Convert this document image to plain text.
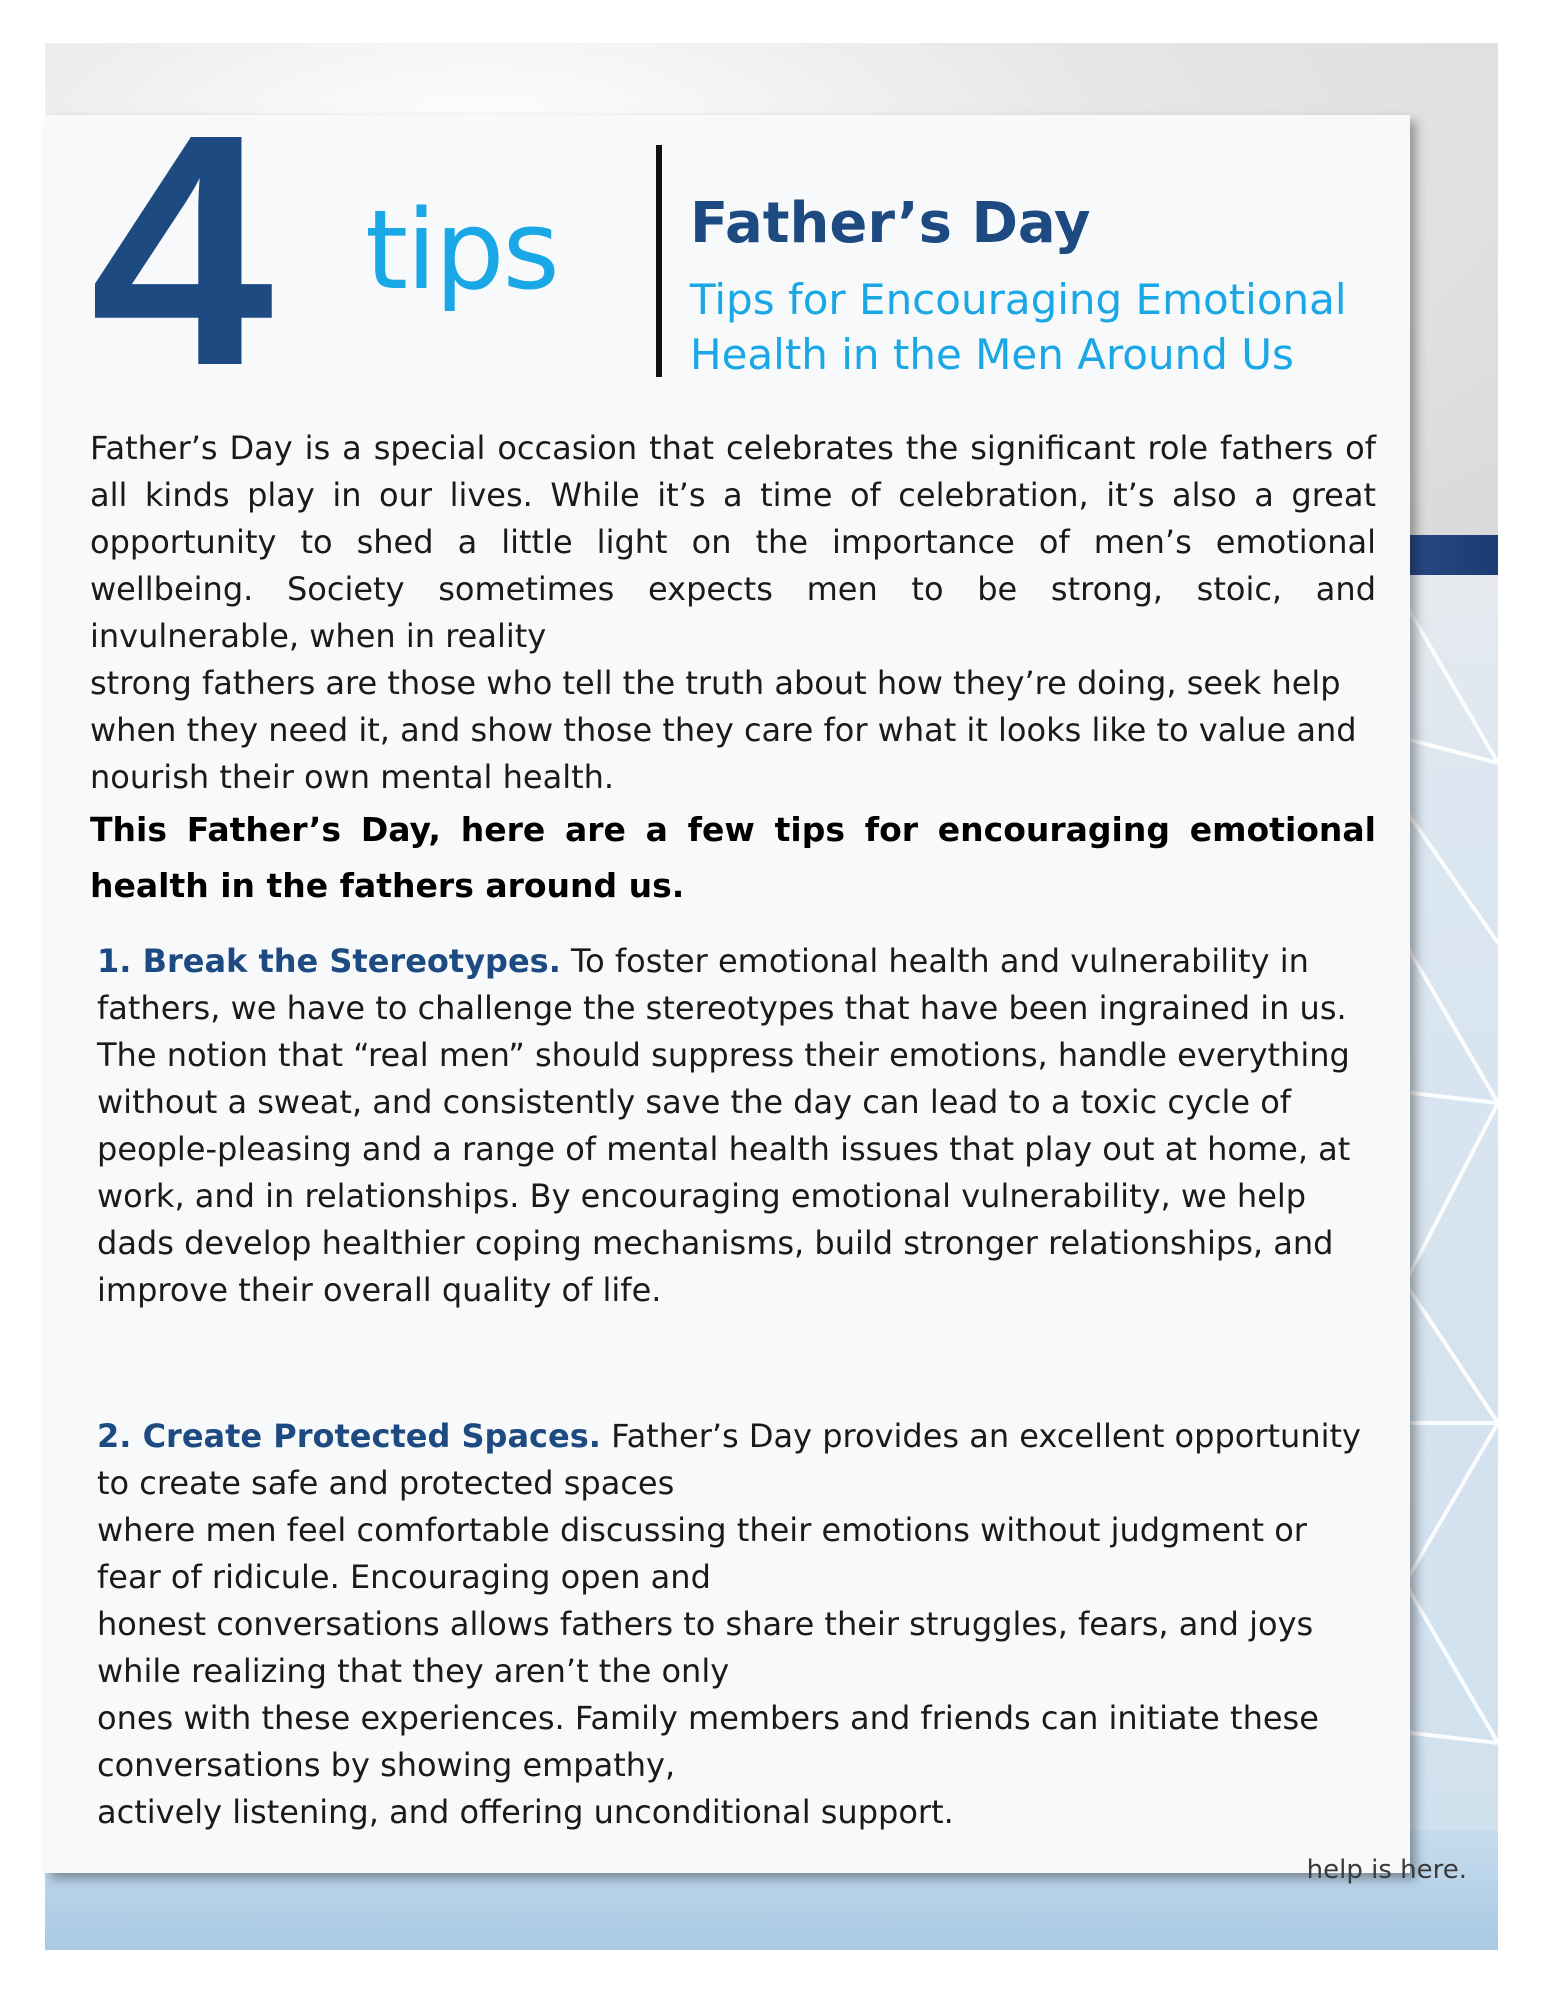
4 tips Father’s Day
Tips for Encouraging Emotional
Health in the Men Around Us

Father’s Day is a special occasion that celebrates the significant role fathers of all kinds play in our lives. While it’s a time of celebration, it’s also a great opportunity to shed a little light on the importance of men’s emotional wellbeing. Society sometimes expects men to be strong, stoic, and invulnerable, when in reality

strong fathers are those who tell the truth about how they’re doing, seek help when they need it, and show those they care for what it looks like to value and nourish their own mental health.

This Father’s Day, here are a few tips for encouraging emotional health in the fathers around us.

1. Break the Stereotypes. To foster emotional health and vulnerability in fathers, we have to challenge the stereotypes that have been ingrained in us. The notion that “real men” should suppress their emotions, handle everything without a sweat, and consistently save the day can lead to a toxic cycle of people-pleasing and a range of mental health issues that play out at home, at work, and in relationships. By encouraging emotional vulnerability, we help dads develop healthier coping mechanisms, build stronger relationships, and improve their overall quality of life.

2. Create Protected Spaces. Father’s Day provides an excellent opportunity to create safe and protected spaces

where men feel comfortable discussing their emotions without judgment or fear of ridicule. Encouraging open and

honest conversations allows fathers to share their struggles, fears, and joys while realizing that they aren’t the only

ones with these experiences. Family members and friends can initiate these conversations by showing empathy,

actively listening, and offering unconditional support.

help is here.
